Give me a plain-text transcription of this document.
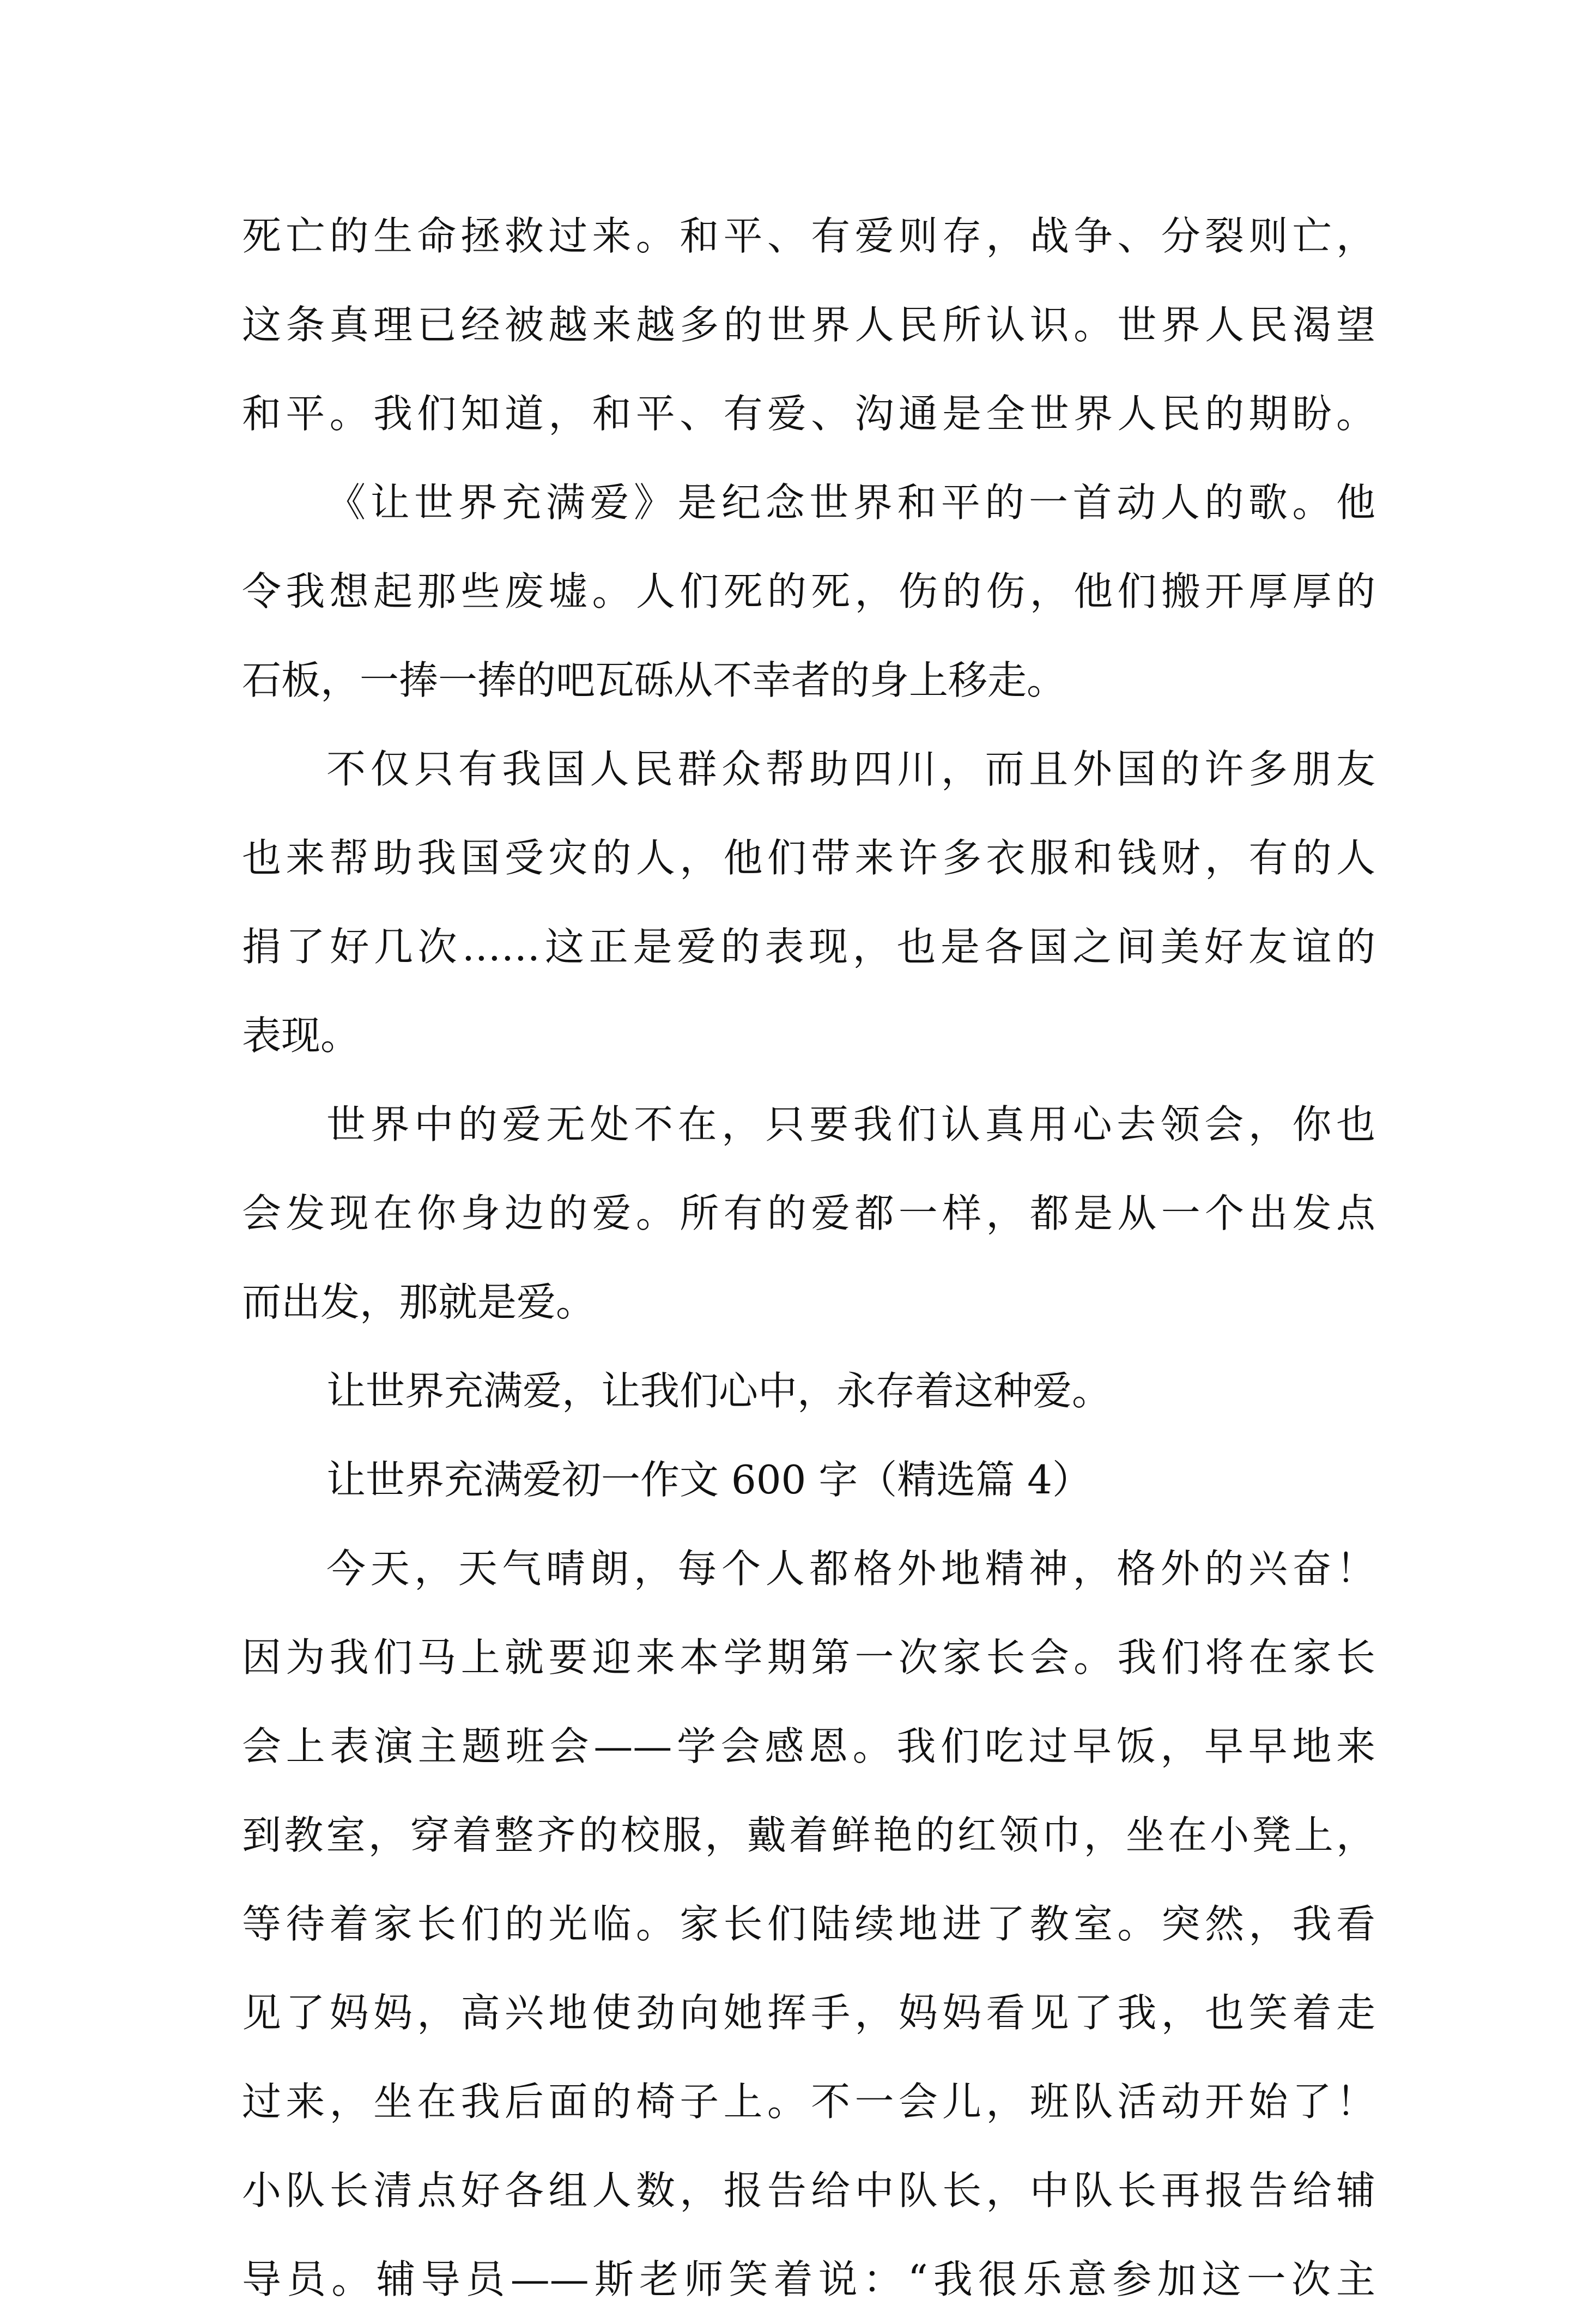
死亡的生命拯救过来。和平、有爱则存，战争、分裂则亡，
这条真理已经被越来越多的世界人民所认识。世界人民渴望
和平。我们知道，和平、有爱、沟通是全世界人民的期盼。
《让世界充满爱》是纪念世界和平的一首动人的歌。他
令我想起那些废墟。人们死的死，伤的伤，他们搬开厚厚的
石板，一捧一捧的吧瓦砾从不幸者的身上移走。
不仅只有我国人民群众帮助四川，而且外国的许多朋友
也来帮助我国受灾的人，他们带来许多衣服和钱财，有的人
捐了好几次……这正是爱的表现，也是各国之间美好友谊的
表现。
世界中的爱无处不在，只要我们认真用心去领会，你也
会发现在你身边的爱。所有的爱都一样，都是从一个出发点
而出发，那就是爱。
让世界充满爱，让我们心中，永存着这种爱。
让世界充满爱初一作文 600 字（精选篇 4）
今天，天气晴朗，每个人都格外地精神，格外的兴奋！
因为我们马上就要迎来本学期第一次家长会。我们将在家长
会上表演主题班会——学会感恩。我们吃过早饭，早早地来
到教室，穿着整齐的校服，戴着鲜艳的红领巾，坐在小凳上，
等待着家长们的光临。家长们陆续地进了教室。突然，我看
见了妈妈，高兴地使劲向她挥手，妈妈看见了我，也笑着走
过来，坐在我后面的椅子上。不一会儿，班队活动开始了！
小队长清点好各组人数，报告给中队长，中队长再报告给辅
导员。辅导员——斯老师笑着说：“我很乐意参加这一次主
